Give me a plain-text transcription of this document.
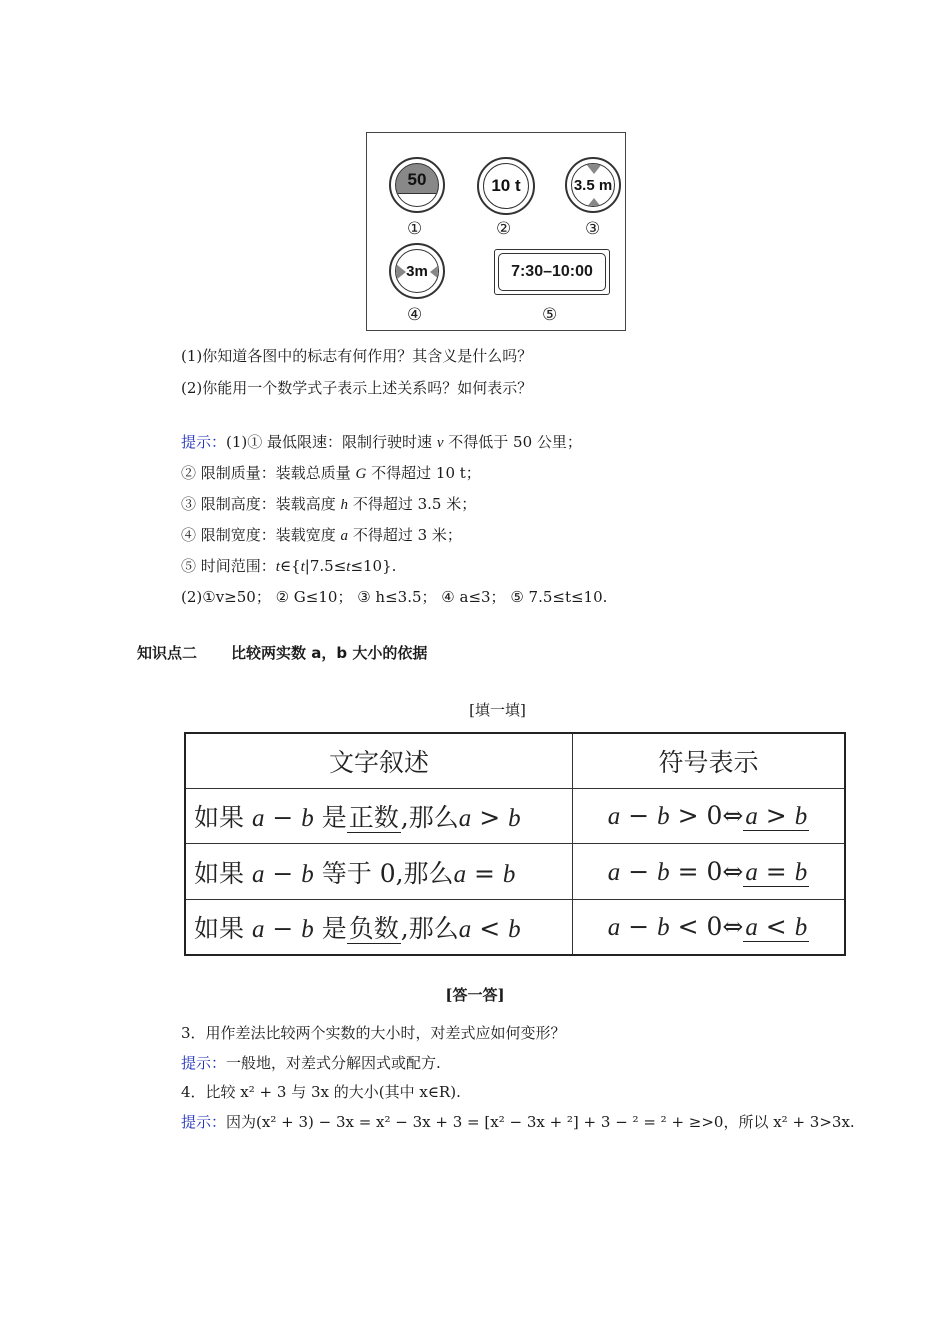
50
①
10 t
②
3.5 m
③
3m
④
7:30–10:00
⑤
(1)你知道各图中的标志有何作用？其含义是什么吗？
(2)你能用一个数学式子表示上述关系吗？如何表示？
提示：(1)① 最低限速：限制行驶时速 v 不得低于 50 公里；
② 限制质量：装载总质量 G 不得超过 10 t；
③ 限制高度：装载高度 h 不得超过 3.5 米；
④ 限制宽度：装载宽度 a 不得超过 3 米；
⑤ 时间范围：t∈{t|7.5≤t≤10}.
(2)①v≥50； ② G≤10； ③ h≤3.5； ④ a≤3； ⑤ 7.5≤t≤10.
知识点二 比较两实数 a，b 大小的依据
[填一填]
文字叙述	符号表示
如果 a − b 是正数,那么a > b	a − b > 0⇔a > b
如果 a − b 等于 0,那么a = b	a − b = 0⇔a = b
如果 a − b 是负数,那么a < b	a − b < 0⇔a < b
[答一答]
3．用作差法比较两个实数的大小时，对差式应如何变形？
提示：一般地，对差式分解因式或配方.
4．比较 x² + 3 与 3x 的大小(其中 x∈R).
提示：因为(x² + 3) − 3x = x² − 3x + 3 = [x² − 3x + ²] + 3 − ² = ² + ≥>0，所以 x² + 3>3x.
